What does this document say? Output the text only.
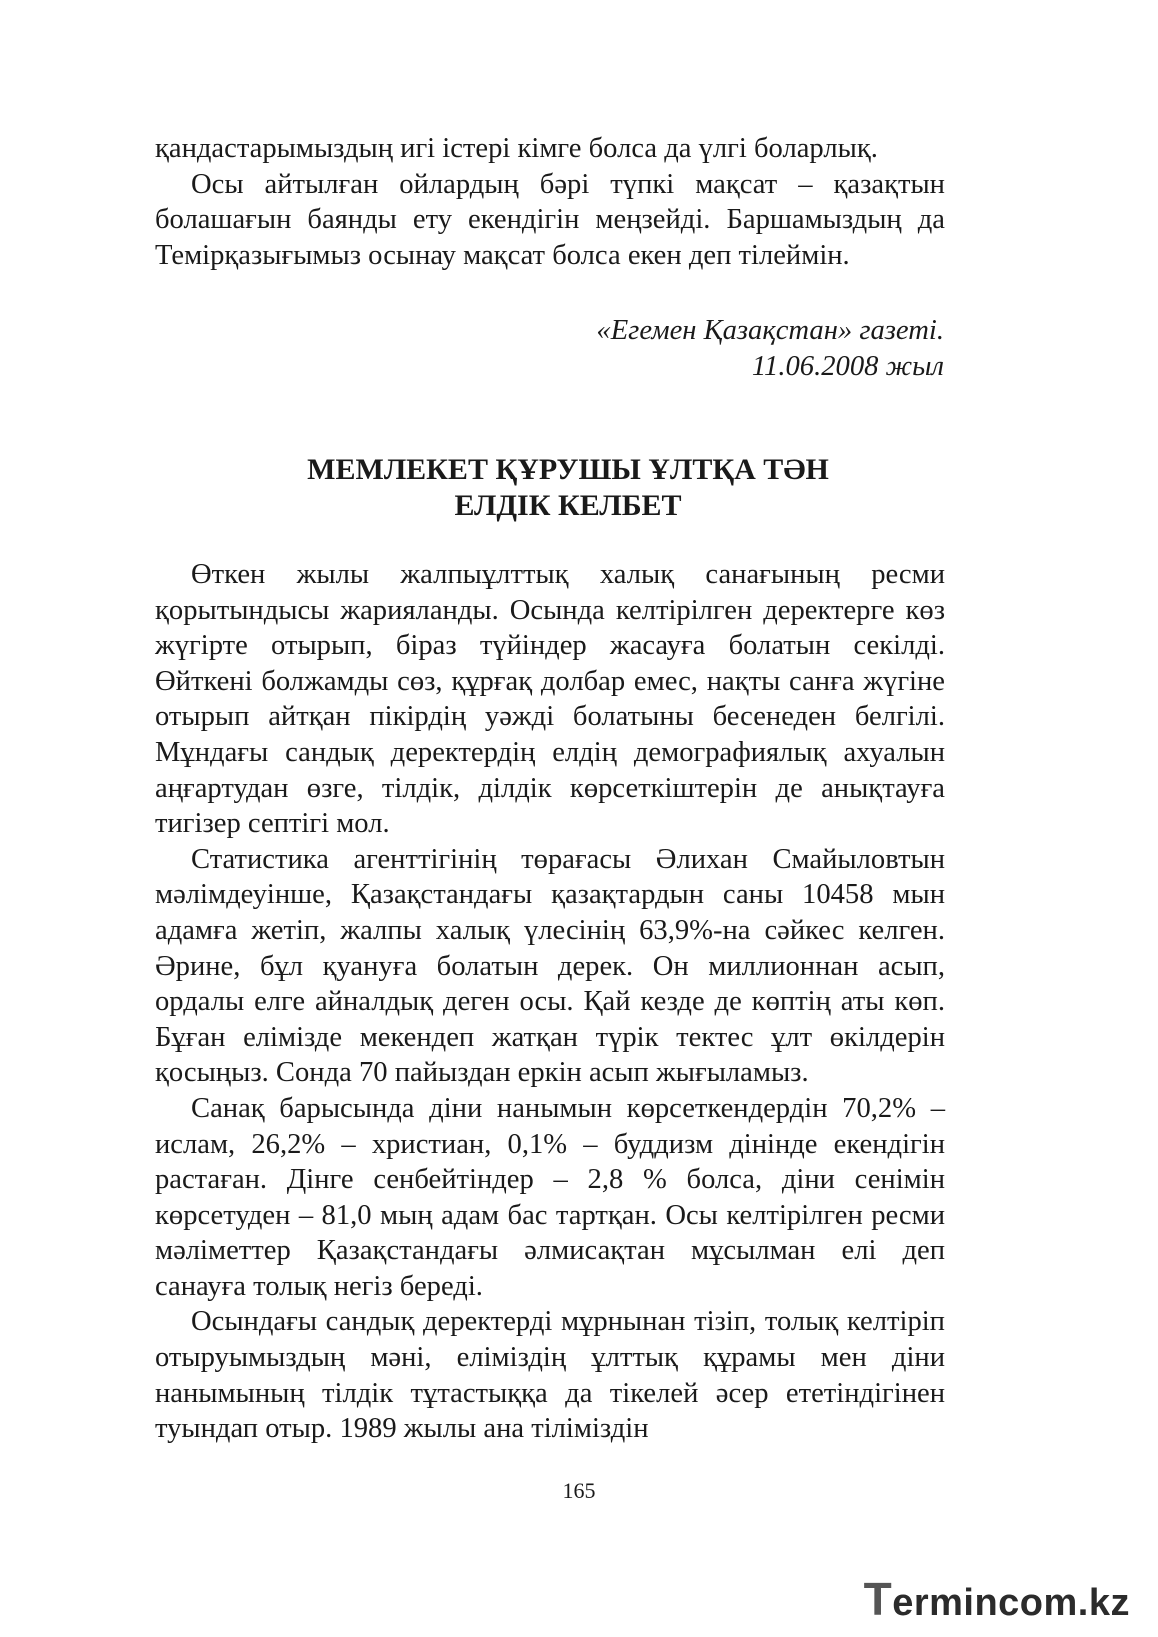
қандастарымыздың игі істері кімге болса да үлгі боларлық.

Осы айтылған ойлардың бәрі түпкі мақсат – қазақтын болашағын баянды ету екендігін меңзейді. Баршамыздың да Темірқазығымыз осынау мақсат болса екен деп тілеймін.

«Егемен Қазақстан» газеті.
11.06.2008 жыл
МЕМЛЕКЕТ ҚҰРУШЫ ҰЛТҚА ТӘН
ЕЛДІК КЕЛБЕТ

Өткен жылы жалпыұлттық халық санағының ресми қорытындысы жарияланды. Осында келтірілген деректерге көз жүгірте отырып, біраз түйіндер жасауға болатын секілді. Өйткені болжамды сөз, құрғақ долбар емес, нақты санға жүгіне отырып айтқан пікірдің уәжді болатыны бесенеден белгілі. Мұндағы сандық деректердің елдің демографиялық ахуалын аңғартудан өзге, тілдік, ділдік көрсеткіштерін де анықтауға тигізер септігі мол.

Статистика агенттігінің төрағасы Әлихан Смайыловтын мәлімдеуінше, Қазақстандағы қазақтардын саны 10458 мын адамға жетіп, жалпы халық үлесінің 63,9%-на сәйкес келген. Әрине, бұл қуануға болатын дерек. Он миллионнан асып, ордалы елге айналдық деген осы. Қай кезде де көптің аты көп. Бұған елімізде мекендеп жатқан түрік тектес ұлт өкілдерін қосыңыз. Сонда 70 пайыздан еркін асып жығыламыз.

Санақ барысында діни нанымын көрсеткендердін 70,2% – ислам, 26,2% – христиан, 0,1% – буддизм дінінде екендігін растаған. Дінге сенбейтіндер – 2,8 % болса, діни сенімін көрсетуден – 81,0 мың адам бас тартқан. Осы келтірілген ресми мәліметтер Қазақстандағы әлмисақтан мұсылман елі деп санауға толық негіз береді.

Осындағы сандық деректерді мұрнынан тізіп, толық келтіріп отыруымыздың мәні, еліміздің ұлттық құрамы мен діни нанымының тілдік тұтастыққа да тікелей әсер ететіндігінен туындап отыр. 1989 жылы ана тіліміздін

165
Termincom.kz
